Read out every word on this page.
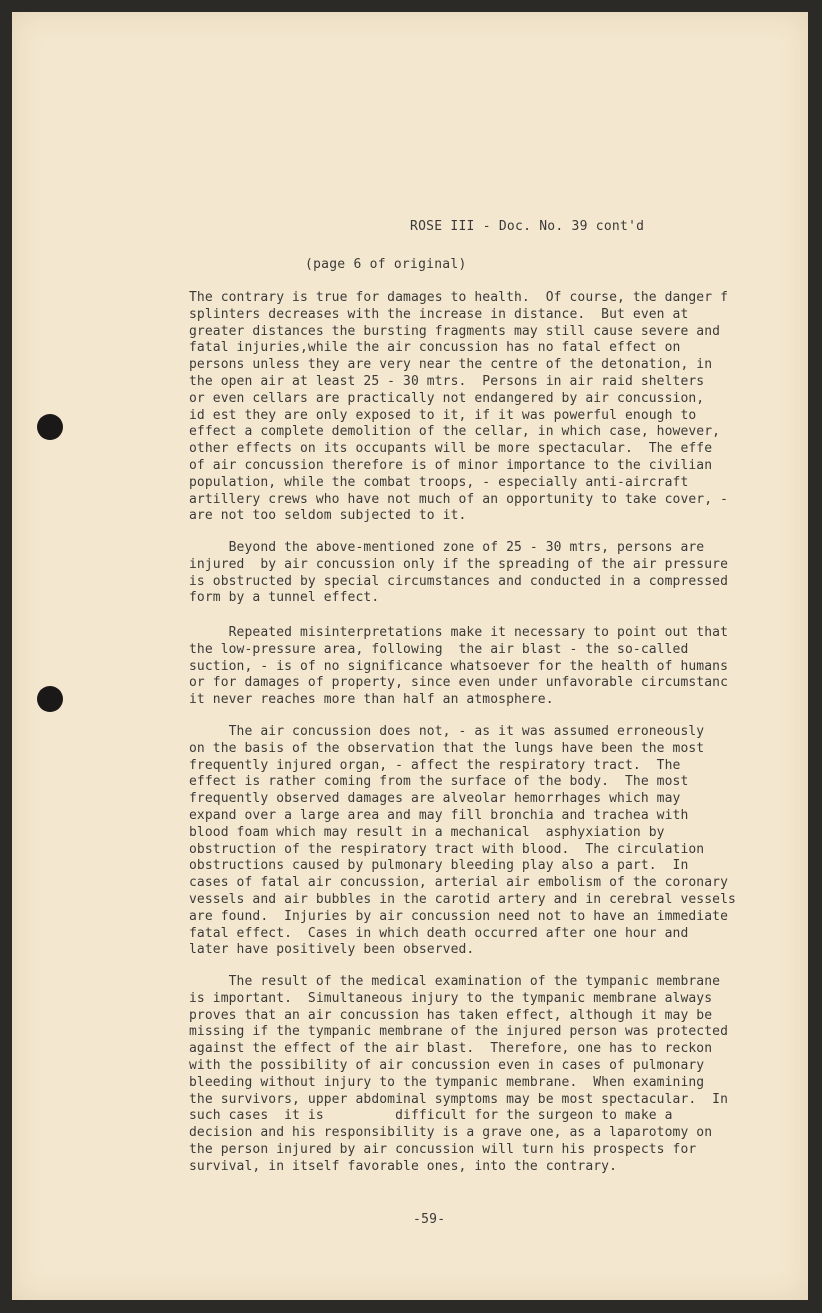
ROSE III - Doc. No. 39 cont'd
(page 6 of original)
The contrary is true for damages to health.  Of course, the danger f
splinters decreases with the increase in distance.  But even at
greater distances the bursting fragments may still cause severe and
fatal injuries,while the air concussion has no fatal effect on
persons unless they are very near the centre of the detonation, in
the open air at least 25 - 30 mtrs.  Persons in air raid shelters
or even cellars are practically not endangered by air concussion,
id est they are only exposed to it, if it was powerful enough to
effect a complete demolition of the cellar, in which case, however,
other effects on its occupants will be more spectacular.  The effe
of air concussion therefore is of minor importance to the civilian
population, while the combat troops, - especially anti-aircraft
artillery crews who have not much of an opportunity to take cover, -
are not too seldom subjected to it.
Beyond the above-mentioned zone of 25 - 30 mtrs, persons are
injured  by air concussion only if the spreading of the air pressure
is obstructed by special circumstances and conducted in a compressed
form by a tunnel effect.
Repeated misinterpretations make it necessary to point out that
the low-pressure area, following  the air blast - the so-called
suction, - is of no significance whatsoever for the health of humans
or for damages of property, since even under unfavorable circumstanc
it never reaches more than half an atmosphere.
The air concussion does not, - as it was assumed erroneously
on the basis of the observation that the lungs have been the most
frequently injured organ, - affect the respiratory tract.  The
effect is rather coming from the surface of the body.  The most
frequently observed damages are alveolar hemorrhages which may
expand over a large area and may fill bronchia and trachea with
blood foam which may result in a mechanical  asphyxiation by
obstruction of the respiratory tract with blood.  The circulation
obstructions caused by pulmonary bleeding play also a part.  In
cases of fatal air concussion, arterial air embolism of the coronary
vessels and air bubbles in the carotid artery and in cerebral vessels
are found.  Injuries by air concussion need not to have an immediate
fatal effect.  Cases in which death occurred after one hour and
later have positively been observed.
The result of the medical examination of the tympanic membrane
is important.  Simultaneous injury to the tympanic membrane always
proves that an air concussion has taken effect, although it may be
missing if the tympanic membrane of the injured person was protected
against the effect of the air blast.  Therefore, one has to reckon
with the possibility of air concussion even in cases of pulmonary
bleeding without injury to the tympanic membrane.  When examining
the survivors, upper abdominal symptoms may be most spectacular.  In
such cases  it is         difficult for the surgeon to make a
decision and his responsibility is a grave one, as a laparotomy on
the person injured by air concussion will turn his prospects for
survival, in itself favorable ones, into the contrary.
-59-
